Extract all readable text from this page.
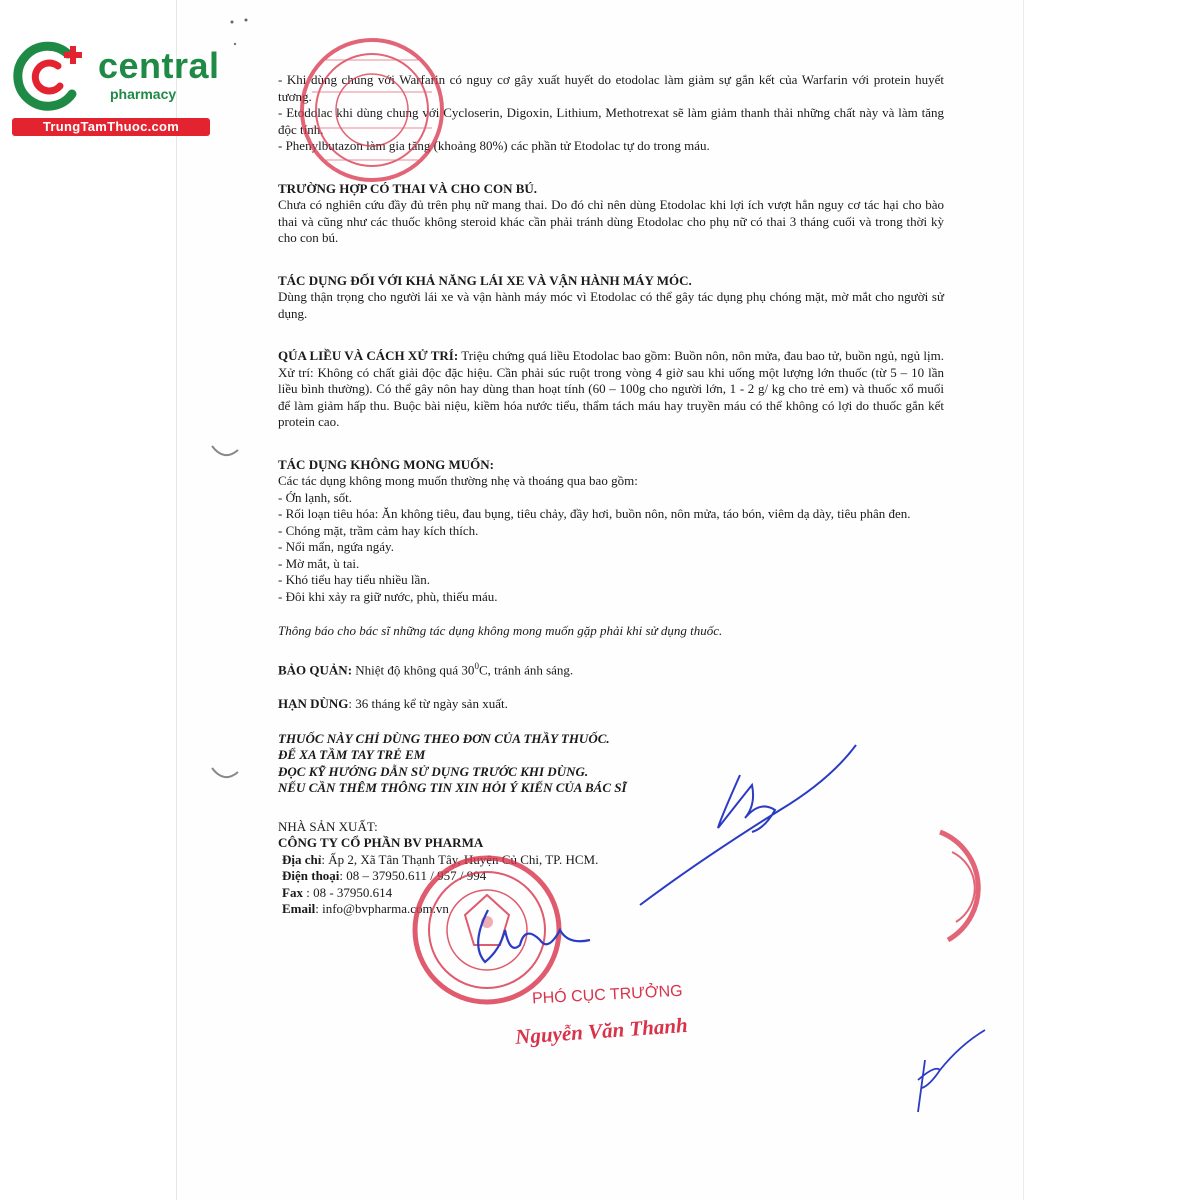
central
pharmacy
TrungTamThuoc.com

- Khi dùng chung với Warfarin có nguy cơ gây xuất huyết do etodolac làm giảm sự gắn kết của Warfarin với protein huyết tương.

- Etodolac khi dùng chung với Cycloserin, Digoxin, Lithium, Methotrexat sẽ làm giảm thanh thải những chất này và làm tăng độc tính.

- Phenylbutazon làm gia tăng (khoảng 80%) các phần tử Etodolac tự do trong máu.

TRƯỜNG HỢP CÓ THAI VÀ CHO CON BÚ.

Chưa có nghiên cứu đầy đủ trên phụ nữ mang thai. Do đó chỉ nên dùng Etodolac khi lợi ích vượt hẳn nguy cơ tác hại cho bào thai và cũng như các thuốc không steroid khác cần phải tránh dùng Etodolac cho phụ nữ có thai 3 tháng cuối và trong thời kỳ cho con bú.

TÁC DỤNG ĐỐI VỚI KHẢ NĂNG LÁI XE VÀ VẬN HÀNH MÁY MÓC.

Dùng thận trọng cho người lái xe và vận hành máy móc vì Etodolac có thể gây tác dụng phụ chóng mặt, mờ mắt cho người sử dụng.

QÚA LIỀU VÀ CÁCH XỬ TRÍ: Triệu chứng quá liều Etodolac bao gồm: Buồn nôn, nôn mửa, đau bao tử, buồn ngủ, ngủ lịm. Xử trí: Không có chất giải độc đặc hiệu. Cần phải súc ruột trong vòng 4 giờ sau khi uống một lượng lớn thuốc (từ 5 – 10 lần liều bình thường). Có thể gây nôn hay dùng than hoạt tính (60 – 100g cho người lớn, 1 - 2 g/ kg cho trẻ em) và thuốc xổ muối để làm giảm hấp thu. Buộc bài niệu, kiềm hóa nước tiểu, thẩm tách máu hay truyền máu có thể không có lợi do thuốc gắn kết protein cao.

TÁC DỤNG KHÔNG MONG MUỐN:

Các tác dụng không mong muốn thường nhẹ và thoáng qua bao gồm:

- Ớn lạnh, sốt.

- Rối loạn tiêu hóa: Ăn không tiêu, đau bụng, tiêu chảy, đầy hơi, buồn nôn, nôn mửa, táo bón, viêm dạ dày, tiêu phân đen.

- Chóng mặt, trầm cảm hay kích thích.

- Nổi mẩn, ngứa ngáy.

- Mờ mắt, ù tai.

- Khó tiểu hay tiểu nhiều lần.

- Đôi khi xảy ra giữ nước, phù, thiếu máu.

Thông báo cho bác sĩ những tác dụng không mong muốn gặp phải khi sử dụng thuốc.

BẢO QUẢN: Nhiệt độ không quá $30^0C$, tránh ánh sáng.

HẠN DÙNG: 36 tháng kể từ ngày sản xuất.

THUỐC NÀY CHỈ DÙNG THEO ĐƠN CỦA THẦY THUỐC.

ĐỂ XA TẦM TAY TRẺ EM

ĐỌC KỸ HƯỚNG DẪN SỬ DỤNG TRƯỚC KHI DÙNG.

NẾU CẦN THÊM THÔNG TIN XIN HỎI Ý KIẾN CỦA BÁC SĨ

NHÀ SẢN XUẤT:

CÔNG TY CỔ PHẦN BV PHARMA

Địa chỉ: Ấp 2, Xã Tân Thạnh Tây, Huyện Củ Chi, TP. HCM.

Điện thoại: 08 – 37950.611 / 957 / 994

Fax : 08 - 37950.614

Email: info@bvpharma.com.vn

PHÓ CỤC TRƯỞNG
Nguyễn Văn Thanh
